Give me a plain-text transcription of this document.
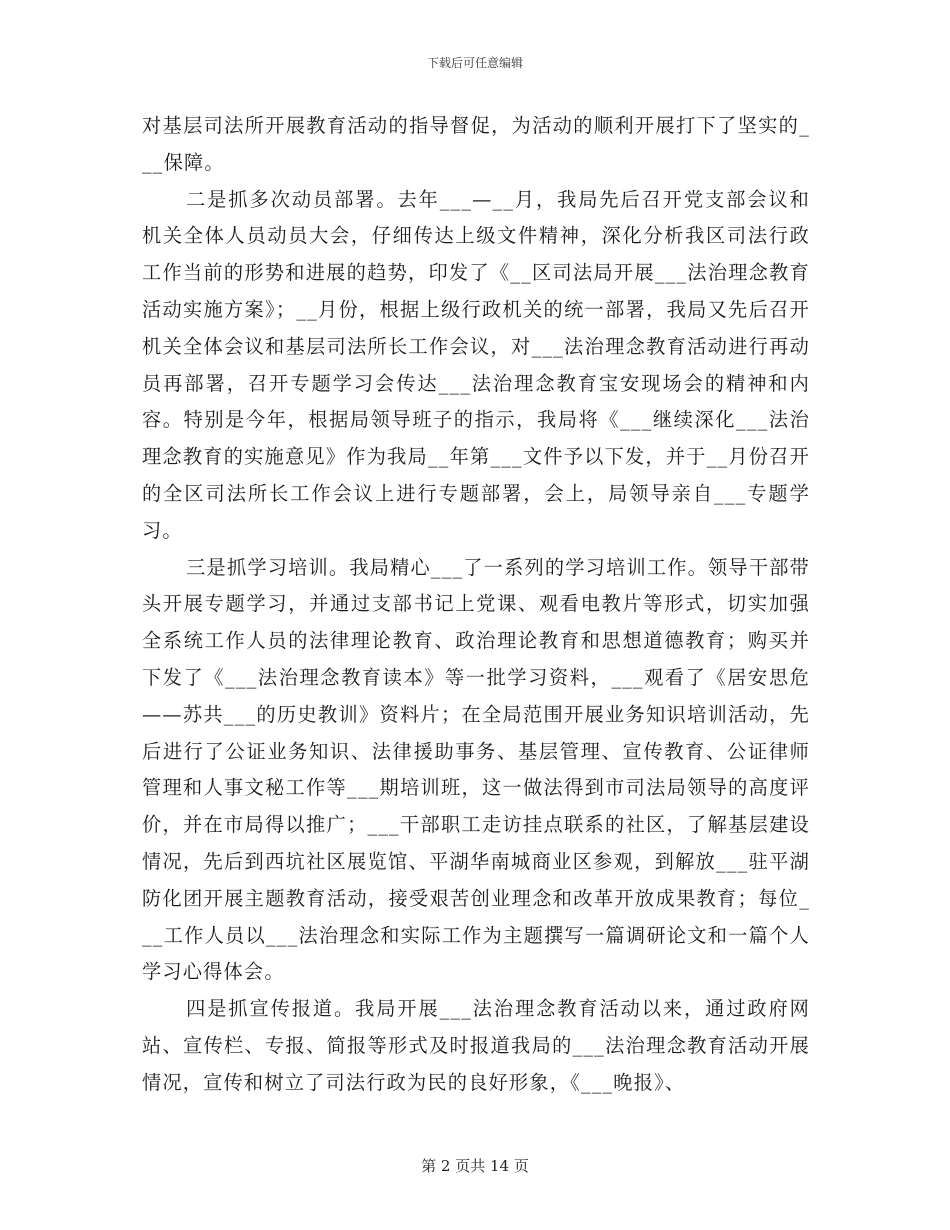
下载后可任意编辑

对基层司法所开展教育活动的指导督促，为活动的顺利开展打下了坚实的___保障。

二是抓多次动员部署。去年___—__月，我局先后召开党支部会议和机关全体人员动员大会，仔细传达上级文件精神，深化分析我区司法行政工作当前的形势和进展的趋势，印发了《__区司法局开展___法治理念教育活动实施方案》；__月份，根据上级行政机关的统一部署，我局又先后召开机关全体会议和基层司法所长工作会议，对___法治理念教育活动进行再动员再部署，召开专题学习会传达___法治理念教育宝安现场会的精神和内容。特别是今年，根据局领导班子的指示，我局将《___继续深化___法治理念教育的实施意见》作为我局__年第___文件予以下发，并于__月份召开的全区司法所长工作会议上进行专题部署，会上，局领导亲自___专题学习。

三是抓学习培训。我局精心___了一系列的学习培训工作。领导干部带头开展专题学习，并通过支部书记上党课、观看电教片等形式，切实加强全系统工作人员的法律理论教育、政治理论教育和思想道德教育；购买并下发了《___法治理念教育读本》等一批学习资料，___观看了《居安思危——苏共___的历史教训》资料片；在全局范围开展业务知识培训活动，先后进行了公证业务知识、法律援助事务、基层管理、宣传教育、公证律师管理和人事文秘工作等___期培训班，这一做法得到市司法局领导的高度评价，并在市局得以推广；___干部职工走访挂点联系的社区，了解基层建设情况，先后到西坑社区展览馆、平湖华南城商业区参观，到解放___驻平湖防化团开展主题教育活动，接受艰苦创业理念和改革开放成果教育；每位___工作人员以___法治理念和实际工作为主题撰写一篇调研论文和一篇个人学习心得体会。

四是抓宣传报道。我局开展___法治理念教育活动以来，通过政府网站、宣传栏、专报、简报等形式及时报道我局的___法治理念教育活动开展情况，宣传和树立了司法行政为民的良好形象，《___晚报》、

第 2 页共 14 页
